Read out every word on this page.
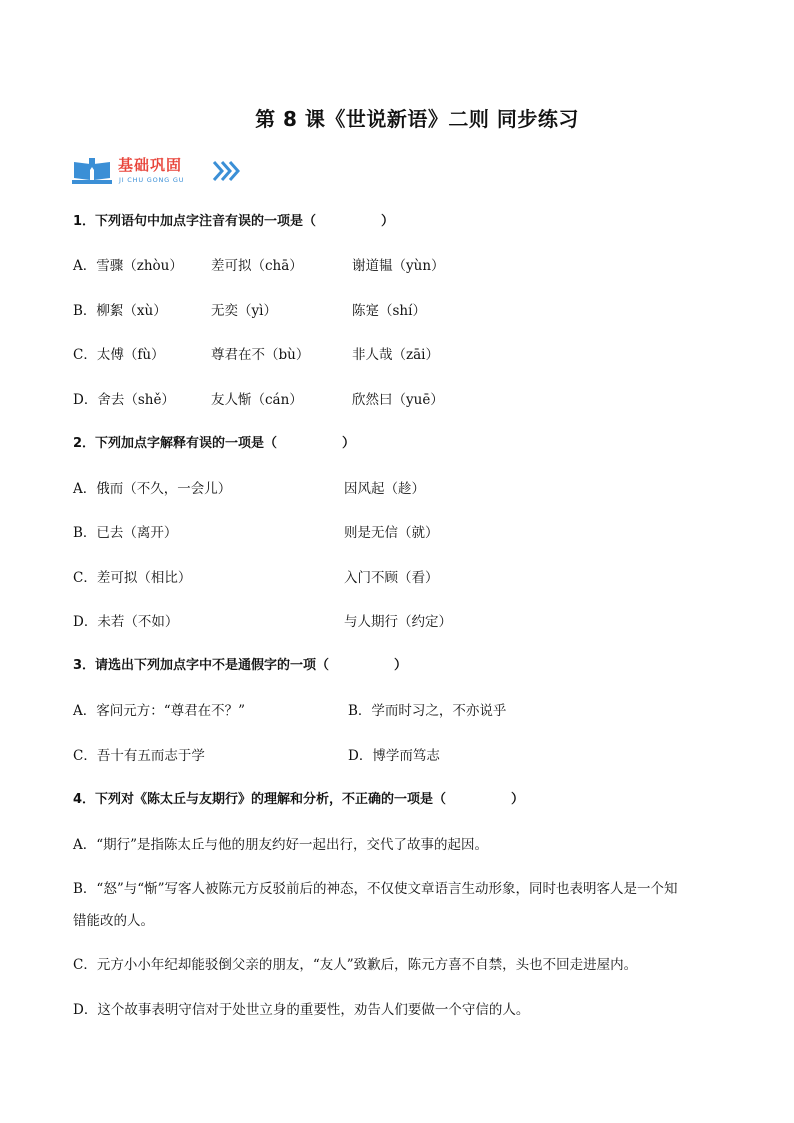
第 8 课《世说新语》二则 同步练习
基础巩固
JI CHU GONG GU
1．下列语句中加点字注音有误的一项是（　　　　　）
A．雪骤（zhòu） 差可拟（chā）	谢道韫（yùn）
B．柳絮（xù）	无奕（yì）	陈寔（shí）
C．太傅（fù）	尊君在不（bù）	非人哉（zāi）
D．舍去（shě）	友人惭（cán）	欣然曰（yuē）
2．下列加点字解释有误的一项是（　　　　　）
A．俄而（不久，一会儿）	因风起（趁）
B．已去（离开）	则是无信（就）
C．差可拟（相比）	入门不顾（看）
D．未若（不如）	与人期行（约定）
3．请选出下列加点字中不是通假字的一项（　　　　　）
A．客问元方：“尊君在不？”	B．学而时习之，不亦说乎
C．吾十有五而志于学	D．博学而笃志
4．下列对《陈太丘与友期行》的理解和分析，不正确的一项是（　　　　　）
A．“期行”是指陈太丘与他的朋友约好一起出行，交代了故事的起因。
B．“怒”与“惭”写客人被陈元方反驳前后的神态，不仅使文章语言生动形象，同时也表明客人是一个知
错能改的人。
C．元方小小年纪却能驳倒父亲的朋友，“友人”致歉后，陈元方喜不自禁，头也不回走进屋内。
D．这个故事表明守信对于处世立身的重要性，劝告人们要做一个守信的人。
